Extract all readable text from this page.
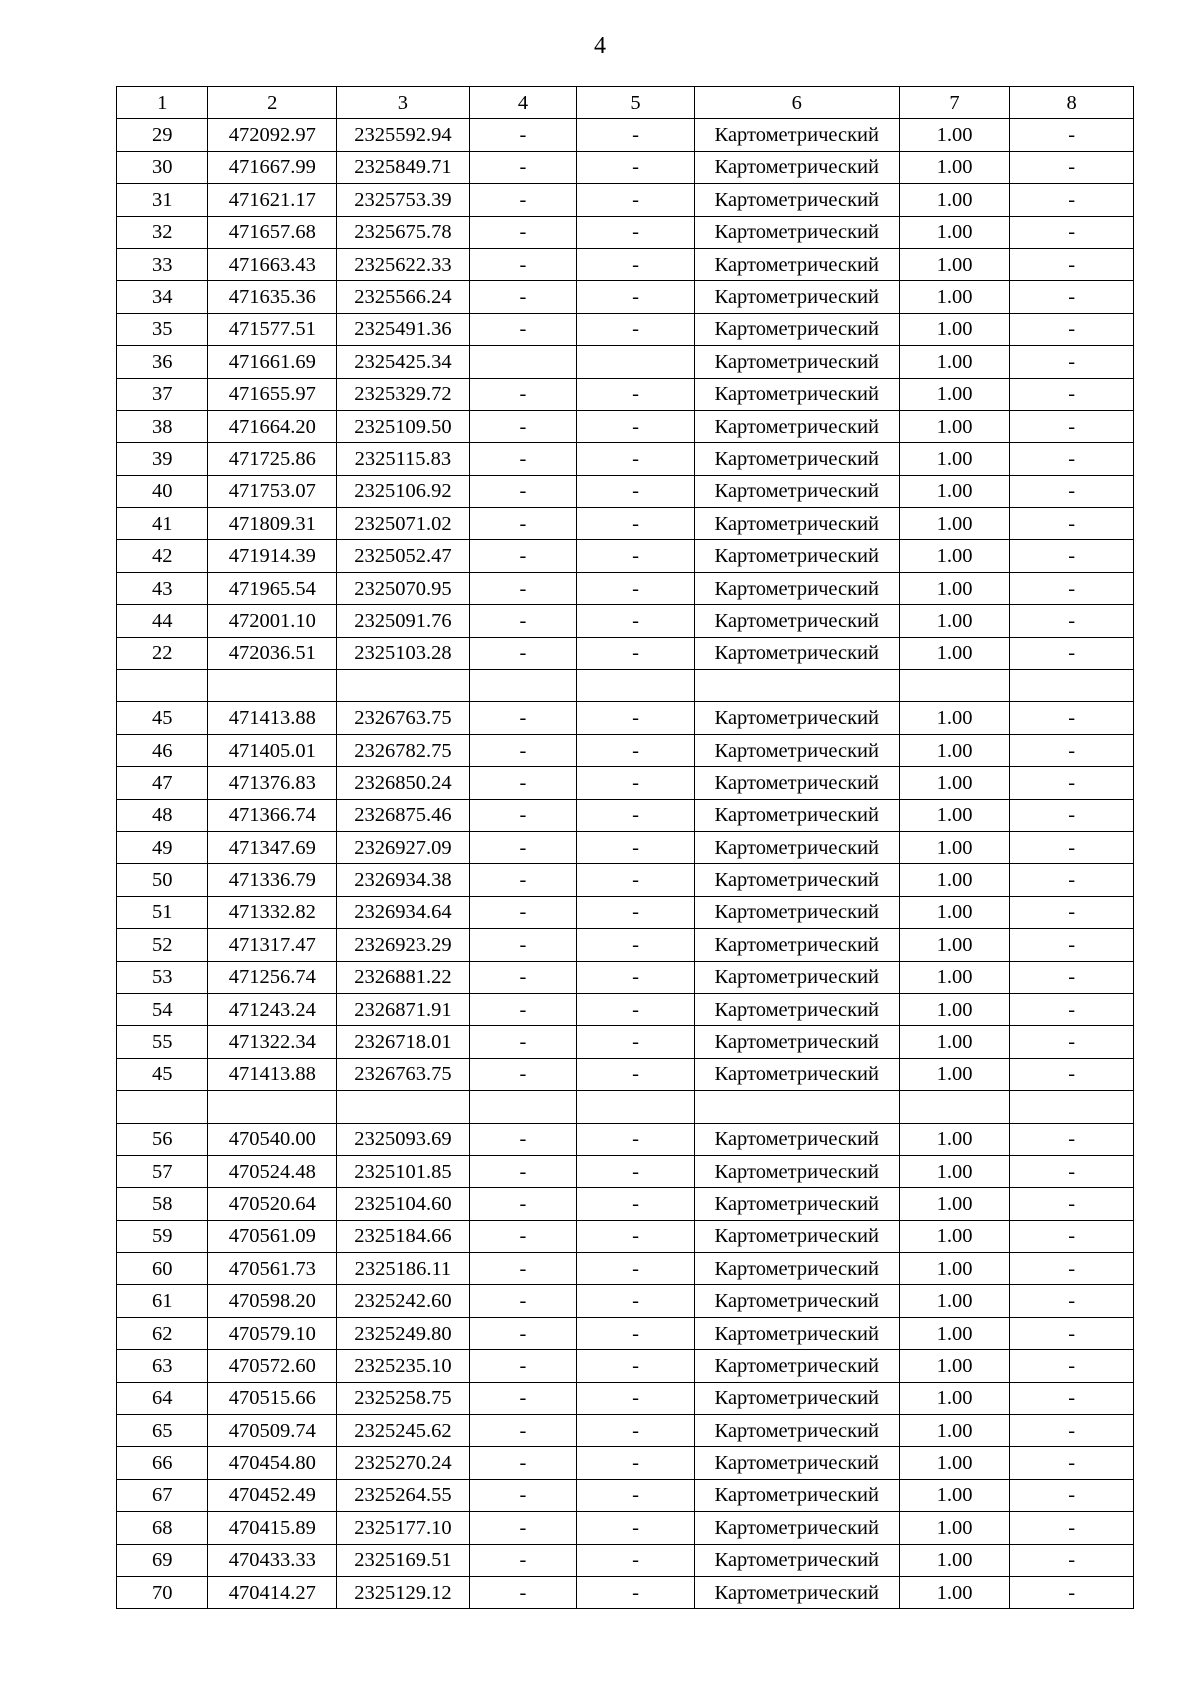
4
1	2	3	4	5	6	7	8
29	472092.97	2325592.94	-	-	Картометрический	1.00	-
30	471667.99	2325849.71	-	-	Картометрический	1.00	-
31	471621.17	2325753.39	-	-	Картометрический	1.00	-
32	471657.68	2325675.78	-	-	Картометрический	1.00	-
33	471663.43	2325622.33	-	-	Картометрический	1.00	-
34	471635.36	2325566.24	-	-	Картометрический	1.00	-
35	471577.51	2325491.36	-	-	Картометрический	1.00	-
36	471661.69	2325425.34			Картометрический	1.00	-
37	471655.97	2325329.72	-	-	Картометрический	1.00	-
38	471664.20	2325109.50	-	-	Картометрический	1.00	-
39	471725.86	2325115.83	-	-	Картометрический	1.00	-
40	471753.07	2325106.92	-	-	Картометрический	1.00	-
41	471809.31	2325071.02	-	-	Картометрический	1.00	-
42	471914.39	2325052.47	-	-	Картометрический	1.00	-
43	471965.54	2325070.95	-	-	Картометрический	1.00	-
44	472001.10	2325091.76	-	-	Картометрический	1.00	-
22	472036.51	2325103.28	-	-	Картометрический	1.00	-

45	471413.88	2326763.75	-	-	Картометрический	1.00	-
46	471405.01	2326782.75	-	-	Картометрический	1.00	-
47	471376.83	2326850.24	-	-	Картометрический	1.00	-
48	471366.74	2326875.46	-	-	Картометрический	1.00	-
49	471347.69	2326927.09	-	-	Картометрический	1.00	-
50	471336.79	2326934.38	-	-	Картометрический	1.00	-
51	471332.82	2326934.64	-	-	Картометрический	1.00	-
52	471317.47	2326923.29	-	-	Картометрический	1.00	-
53	471256.74	2326881.22	-	-	Картометрический	1.00	-
54	471243.24	2326871.91	-	-	Картометрический	1.00	-
55	471322.34	2326718.01	-	-	Картометрический	1.00	-
45	471413.88	2326763.75	-	-	Картометрический	1.00	-

56	470540.00	2325093.69	-	-	Картометрический	1.00	-
57	470524.48	2325101.85	-	-	Картометрический	1.00	-
58	470520.64	2325104.60	-	-	Картометрический	1.00	-
59	470561.09	2325184.66	-	-	Картометрический	1.00	-
60	470561.73	2325186.11	-	-	Картометрический	1.00	-
61	470598.20	2325242.60	-	-	Картометрический	1.00	-
62	470579.10	2325249.80	-	-	Картометрический	1.00	-
63	470572.60	2325235.10	-	-	Картометрический	1.00	-
64	470515.66	2325258.75	-	-	Картометрический	1.00	-
65	470509.74	2325245.62	-	-	Картометрический	1.00	-
66	470454.80	2325270.24	-	-	Картометрический	1.00	-
67	470452.49	2325264.55	-	-	Картометрический	1.00	-
68	470415.89	2325177.10	-	-	Картометрический	1.00	-
69	470433.33	2325169.51	-	-	Картометрический	1.00	-
70	470414.27	2325129.12	-	-	Картометрический	1.00	-
